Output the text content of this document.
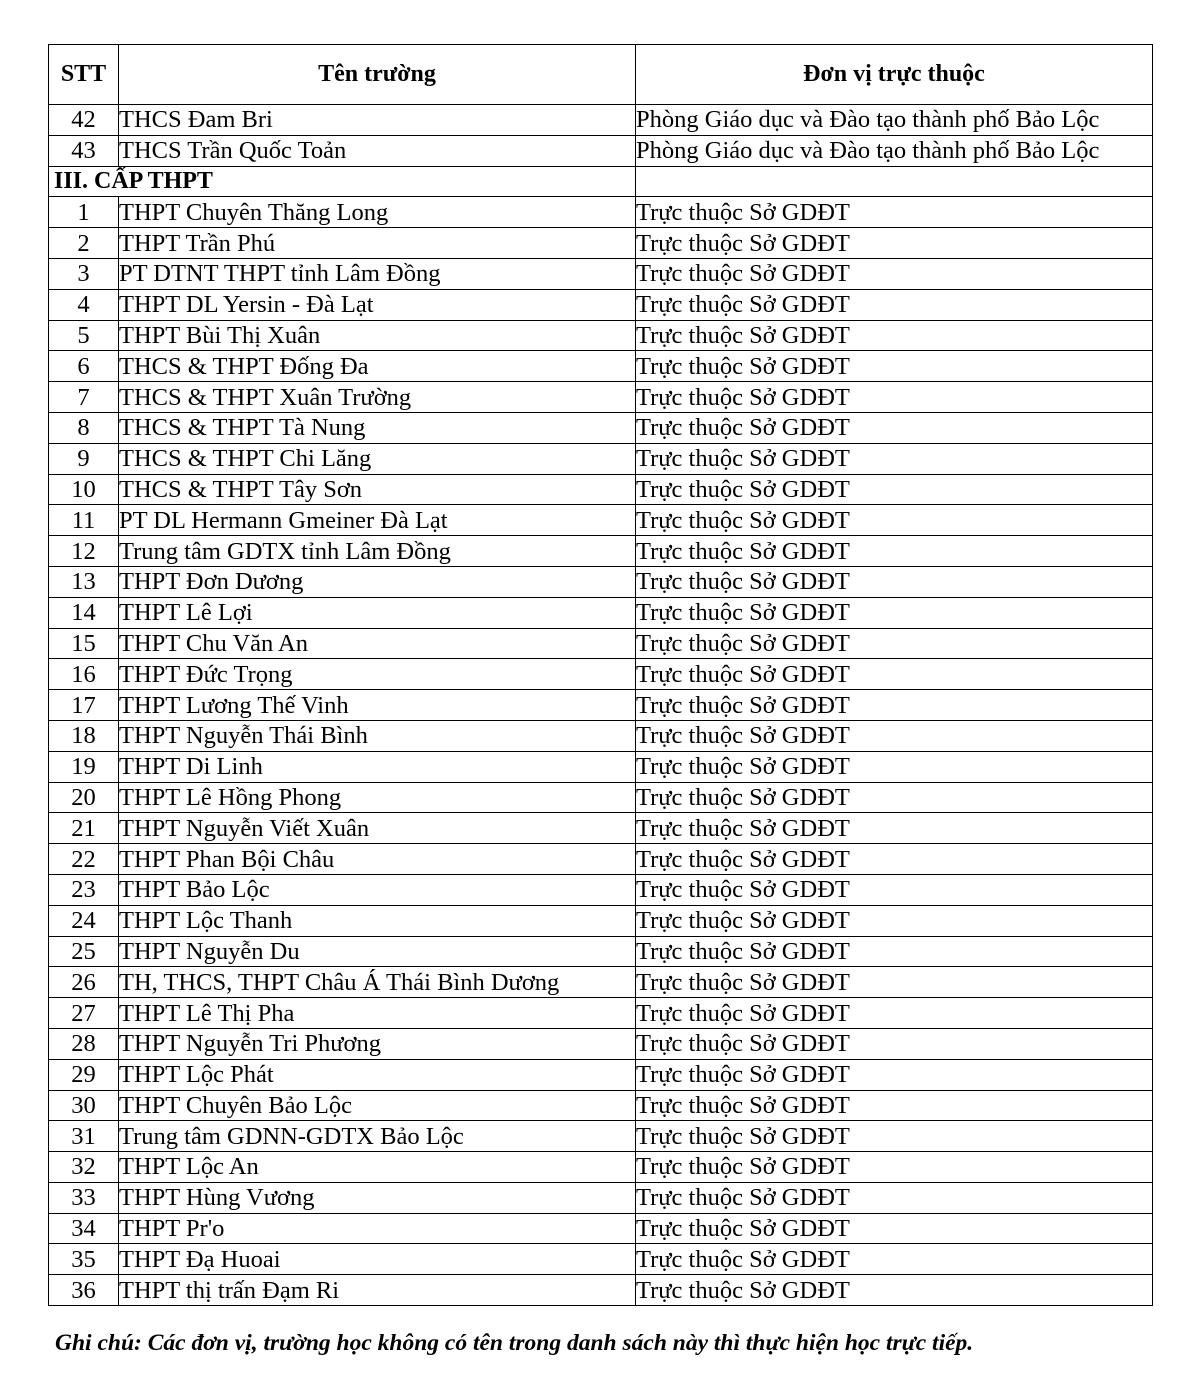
STT	Tên trường	Đơn vị trực thuộc
42	THCS Đam Bri	Phòng Giáo dục và Đào tạo thành phố Bảo Lộc
43	THCS Trần Quốc Toản	Phòng Giáo dục và Đào tạo thành phố Bảo Lộc
III. CẤP THPT		
1	THPT Chuyên Thăng Long	Trực thuộc Sở GDĐT
2	THPT Trần Phú	Trực thuộc Sở GDĐT
3	PT DTNT THPT tỉnh Lâm Đồng	Trực thuộc Sở GDĐT
4	THPT DL Yersin - Đà Lạt	Trực thuộc Sở GDĐT
5	THPT Bùi Thị Xuân	Trực thuộc Sở GDĐT
6	THCS & THPT Đống Đa	Trực thuộc Sở GDĐT
7	THCS & THPT Xuân Trường	Trực thuộc Sở GDĐT
8	THCS & THPT Tà Nung	Trực thuộc Sở GDĐT
9	THCS & THPT Chi Lăng	Trực thuộc Sở GDĐT
10	THCS & THPT Tây Sơn	Trực thuộc Sở GDĐT
11	PT DL Hermann Gmeiner Đà Lạt	Trực thuộc Sở GDĐT
12	Trung tâm GDTX tỉnh Lâm Đồng	Trực thuộc Sở GDĐT
13	THPT Đơn Dương	Trực thuộc Sở GDĐT
14	THPT Lê Lợi	Trực thuộc Sở GDĐT
15	THPT Chu Văn An	Trực thuộc Sở GDĐT
16	THPT Đức Trọng	Trực thuộc Sở GDĐT
17	THPT Lương Thế Vinh	Trực thuộc Sở GDĐT
18	THPT Nguyễn Thái Bình	Trực thuộc Sở GDĐT
19	THPT Di Linh	Trực thuộc Sở GDĐT
20	THPT Lê Hồng Phong	Trực thuộc Sở GDĐT
21	THPT Nguyễn Viết Xuân	Trực thuộc Sở GDĐT
22	THPT Phan Bội Châu	Trực thuộc Sở GDĐT
23	THPT Bảo Lộc	Trực thuộc Sở GDĐT
24	THPT Lộc Thanh	Trực thuộc Sở GDĐT
25	THPT Nguyễn Du	Trực thuộc Sở GDĐT
26	TH, THCS, THPT Châu Á Thái Bình Dương	Trực thuộc Sở GDĐT
27	THPT Lê Thị Pha	Trực thuộc Sở GDĐT
28	THPT Nguyễn Tri Phương	Trực thuộc Sở GDĐT
29	THPT Lộc Phát	Trực thuộc Sở GDĐT
30	THPT Chuyên Bảo Lộc	Trực thuộc Sở GDĐT
31	Trung tâm GDNN-GDTX Bảo Lộc	Trực thuộc Sở GDĐT
32	THPT Lộc An	Trực thuộc Sở GDĐT
33	THPT Hùng Vương	Trực thuộc Sở GDĐT
34	THPT Pr'o	Trực thuộc Sở GDĐT
35	THPT Đạ Huoai	Trực thuộc Sở GDĐT
36	THPT thị trấn Đạm Ri	Trực thuộc Sở GDĐT
Ghi chú: Các đơn vị, trường học không có tên trong danh sách này thì thực hiện học trực tiếp.
